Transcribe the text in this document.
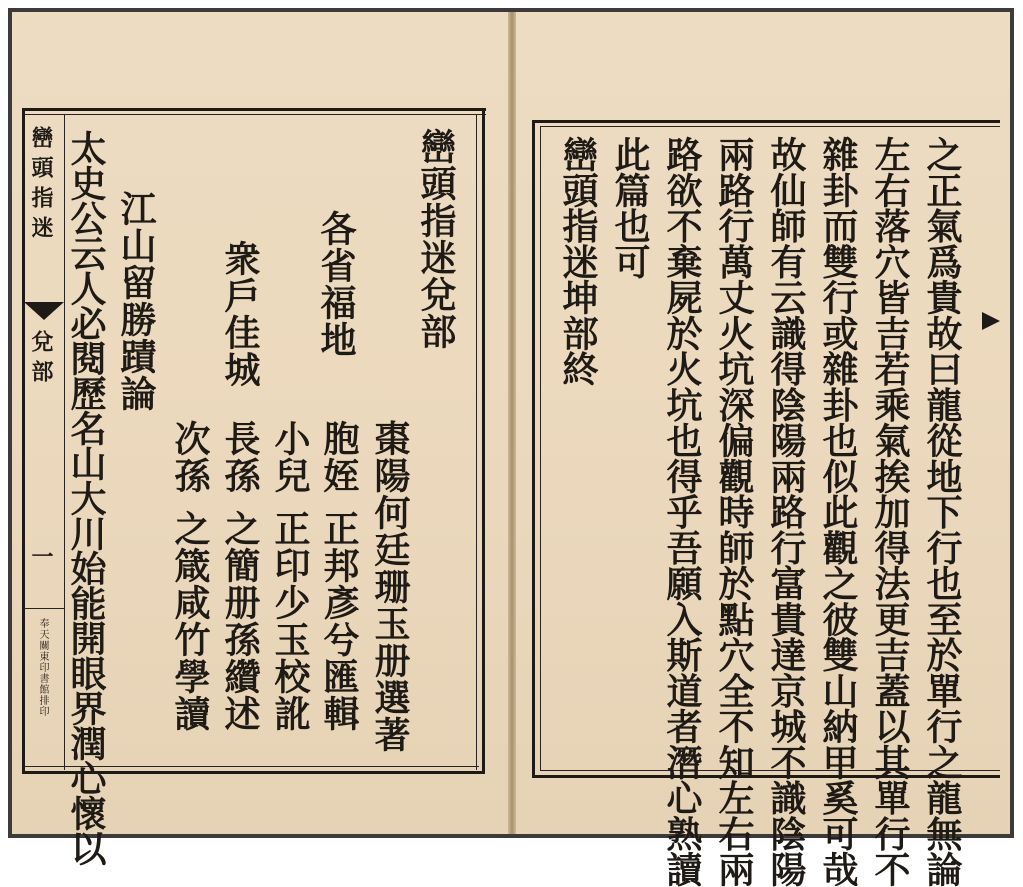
巒頭指迷
兌部
一
奉天關東印書館排印
巒頭指迷兌部
各省福地
棗陽何廷珊玉册選著
胞姪
正邦彥兮匯輯
小兒
正印少玉校訛
衆戶佳城
江山留勝蹟論
太史公云人必閱歷名山大川始能開眼界潤心懷以	之正氣爲貴故曰龍從地下行也至於單行之龍無論
左右落穴皆吉若乘氣挨加得法更吉蓋以其單行不
雜卦而雙行或雜卦也似此觀之彼雙山納甲奚可哉
故仙師有云識得陰陽兩路行富貴達京城不識陰陽
兩路行萬丈火坑深偏觀時師於點穴全不知左右兩
路欲不棄屍於火坑也得乎吾願入斯道者潛心熟讀
此篇也可
巒頭指迷坤部終
長孫
之簡册孫纘述
次孫
之箴咸竹學讀
